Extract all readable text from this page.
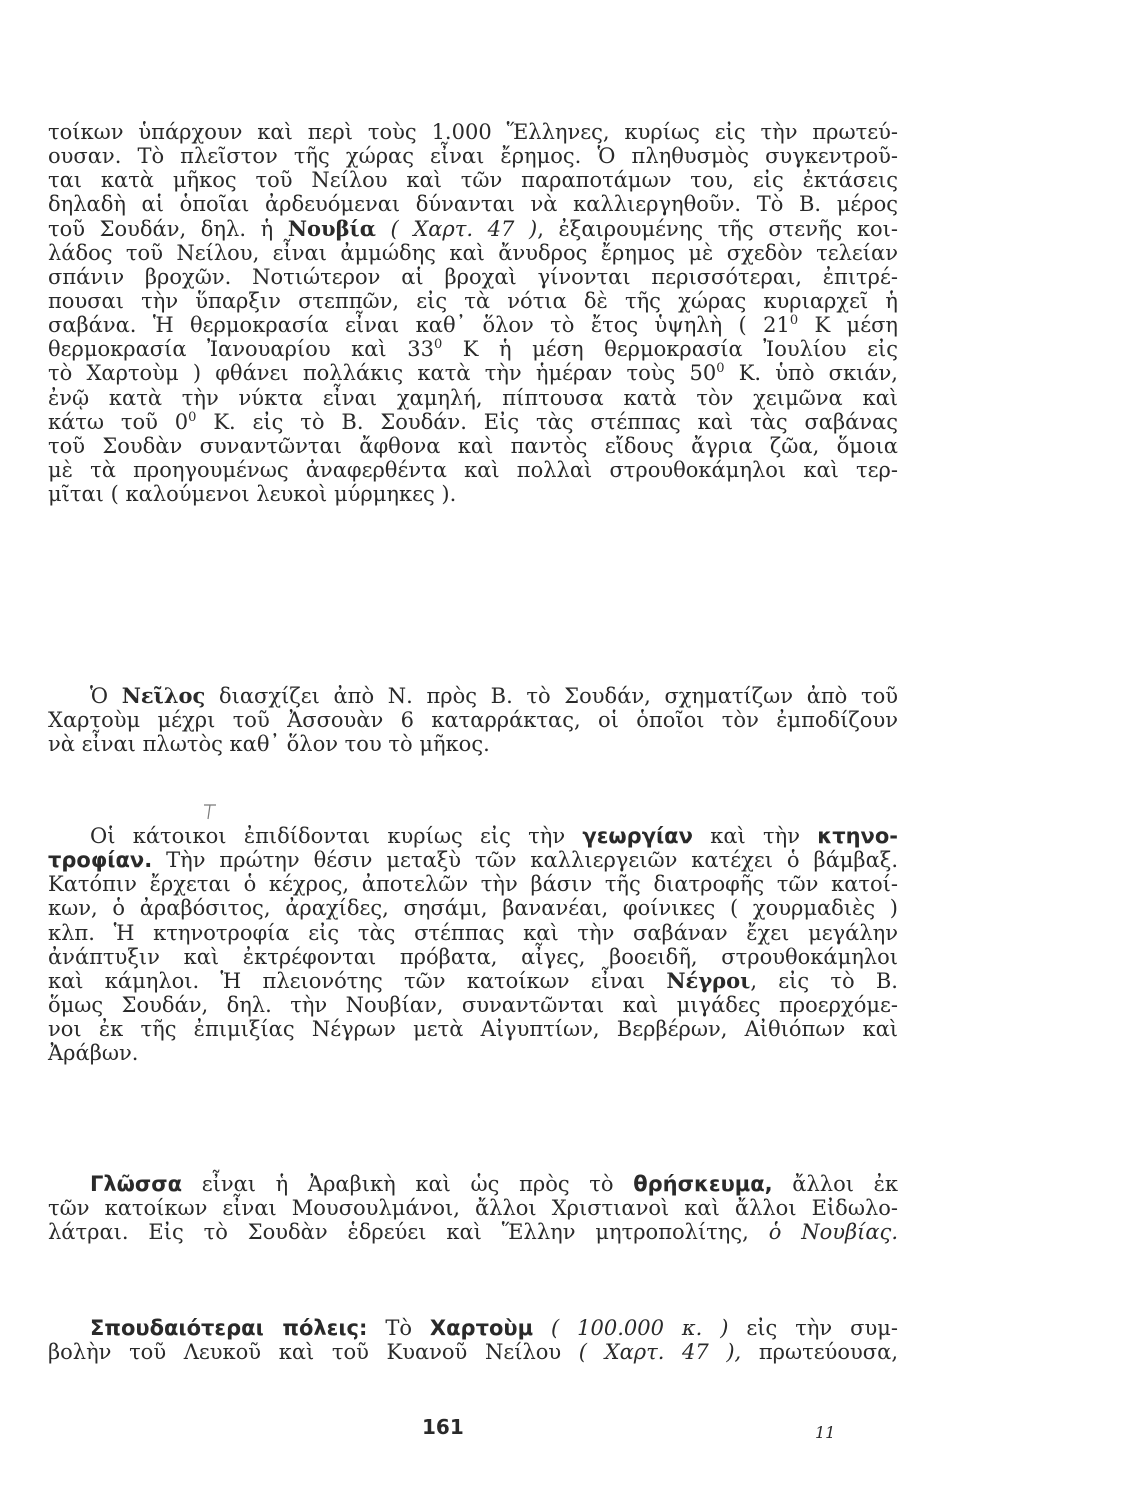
τοίκων ὑπάρχουν καὶ περὶ τοὺς 1.000 Ἕλληνες, κυρίως εἰς τὴν πρωτεύ-
ουσαν. Τὸ πλεῖστον τῆς χώρας εἶναι ἔρημος. Ὁ πληθυσμὸς συγκεντροῦ-
ται κατὰ μῆκος τοῦ Νείλου καὶ τῶν παραποτάμων του, εἰς ἐκτάσεις
δηλαδὴ αἱ ὁποῖαι ἀρδευόμεναι δύνανται νὰ καλλιεργηθοῦν. Τὸ Β. μέρος
τοῦ Σουδάν, δηλ. ἡ Νουβία ( Χαρτ. 47 ), ἐξαιρουμένης τῆς στενῆς κοι-
λάδος τοῦ Νείλου, εἶναι ἀμμώδης καὶ ἄνυδρος ἔρημος μὲ σχεδὸν τελείαν
σπάνιν βροχῶν. Νοτιώτερον αἱ βροχαὶ γίνονται περισσότεραι, ἐπιτρέ-
πουσαι τὴν ὕπαρξιν στεππῶν, εἰς τὰ νότια δὲ τῆς χώρας κυριαρχεῖ ἡ
σαβάνα. Ἡ θερμοκρασία εἶναι καθ᾽ ὅλον τὸ ἔτος ὑψηλὴ ( $21^0$ Κ μέση
θερμοκρασία Ἰανουαρίου καὶ $33^0$ Κ ἡ μέση θερμοκρασία Ἰουλίου εἰς
τὸ Χαρτοὺμ ) φθάνει πολλάκις κατὰ τὴν ἡμέραν τοὺς $50^0$ Κ. ὑπὸ σκιάν,
ἐνῷ κατὰ τὴν νύκτα εἶναι χαμηλή, πίπτουσα κατὰ τὸν χειμῶνα καὶ
κάτω τοῦ $0^0$ Κ. εἰς τὸ Β. Σουδάν. Εἰς τὰς στέππας καὶ τὰς σαβάνας
τοῦ Σουδὰν συναντῶνται ἄφθονα καὶ παντὸς εἴδους ἄγρια ζῶα, ὅμοια
μὲ τὰ προηγουμένως ἀναφερθέντα καὶ πολλαὶ στρουθοκάμηλοι καὶ τερ-
μῖται ( καλούμενοι λευκοὶ μύρμηκες ).
Ὁ Νεῖλος διασχίζει ἀπὸ Ν. πρὸς Β. τὸ Σουδάν, σχηματίζων ἀπὸ τοῦ
Χαρτοὺμ μέχρι τοῦ Ἀσσουὰν 6 καταρράκτας, οἱ ὁποῖοι τὸν ἐμποδίζουν
νὰ εἶναι πλωτὸς καθ᾽ ὅλον του τὸ μῆκος.
Οἱ κάτοικοι ἐπιδίδονται κυρίως εἰς τὴν γεωργίαν καὶ τὴν κτηνο-
τροφίαν. Τὴν πρώτην θέσιν μεταξὺ τῶν καλλιεργειῶν κατέχει ὁ βάμβαξ.
Κατόπιν ἔρχεται ὁ κέχρος, ἀποτελῶν τὴν βάσιν τῆς διατροφῆς τῶν κατοί-
κων, ὁ ἀραβόσιτος, ἀραχίδες, σησάμι, βανανέαι, φοίνικες ( χουρμαδιὲς )
κλπ. Ἡ κτηνοτροφία εἰς τὰς στέππας καὶ τὴν σαβάναν ἔχει μεγάλην
ἀνάπτυξιν καὶ ἐκτρέφονται πρόβατα, αἶγες, βοοειδῆ, στρουθοκάμηλοι
καὶ κάμηλοι. Ἡ πλειονότης τῶν κατοίκων εἶναι Νέγροι, εἰς τὸ Β.
ὅμως Σουδάν, δηλ. τὴν Νουβίαν, συναντῶνται καὶ μιγάδες προερχόμε-
νοι ἐκ τῆς ἐπιμιξίας Νέγρων μετὰ Αἰγυπτίων, Βερβέρων, Αἰθιόπων καὶ
Ἀράβων.
Γλῶσσα εἶναι ἡ Ἀραβικὴ καὶ ὡς πρὸς τὸ θρήσκευμα, ἄλλοι ἐκ
τῶν κατοίκων εἶναι Μουσουλμάνοι, ἄλλοι Χριστιανοὶ καὶ ἄλλοι Εἰδωλο-
λάτραι. Εἰς τὸ Σουδὰν ἑδρεύει καὶ Ἕλλην μητροπολίτης, ὁ Νουβίας.
Σπουδαιότεραι πόλεις: Τὸ Χαρτοὺμ ( 100.000 κ. ) εἰς τὴν συμ-
βολὴν τοῦ Λευκοῦ καὶ τοῦ Κυανοῦ Νείλου ( Χαρτ. 47 ), πρωτεύουσα,
161	11
